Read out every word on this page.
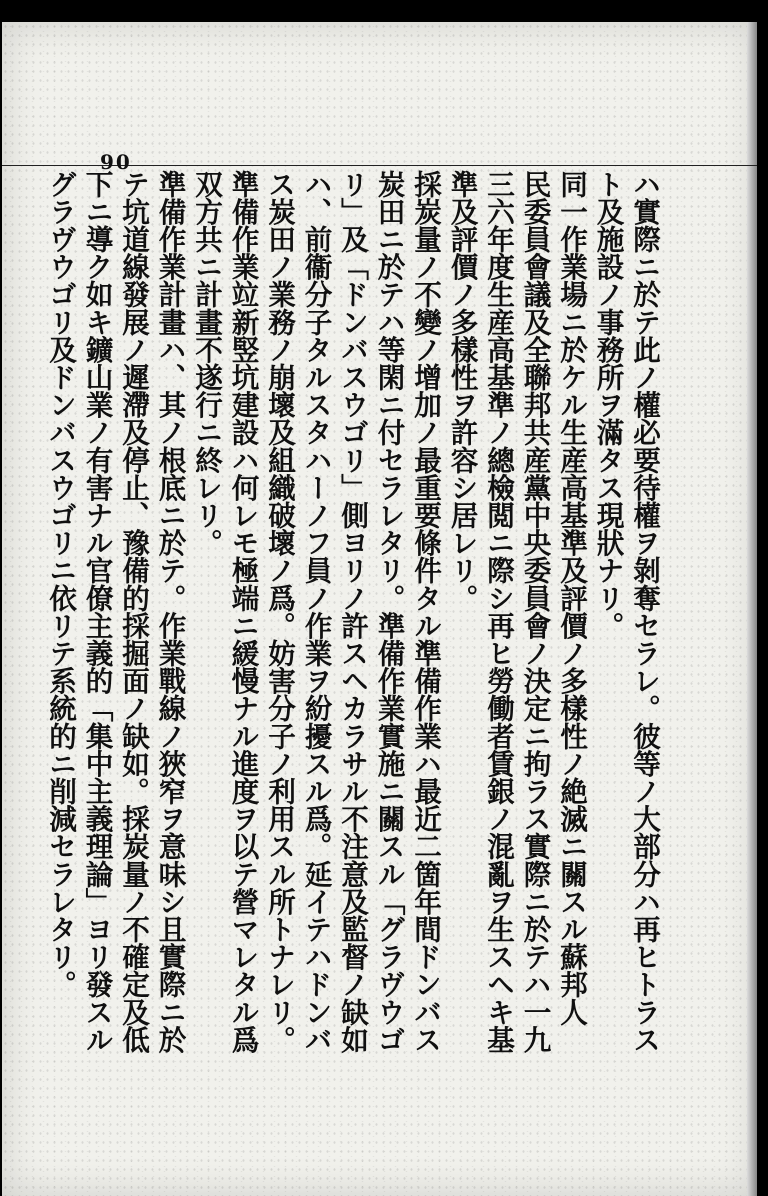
90
ハ實際ニ於テ此ノ權必要待權ヲ剝奪セラレ。彼等ノ大部分ハ再ヒトラス
ト及施設ノ事務所ヲ滿タス現狀ナリ。
同一作業場ニ於ケル生産高基準及評價ノ多樣性ノ絶滅ニ關スル蘇邦人
民委員會議及全聯邦共産黨中央委員會ノ決定ニ拘ラス實際ニ於テハ一九
三六年度生産高基準ノ總檢閲ニ際シ再ヒ勞働者賃銀ノ混亂ヲ生スヘキ基
準及評價ノ多樣性ヲ許容シ居レリ。
採炭量ノ不變ノ增加ノ最重要條件タル準備作業ハ最近二箇年間ドンバス
炭田ニ於テハ等閑ニ付セラレタリ。準備作業實施ニ關スル「グラヴウゴ
リ」及「ドンバスウゴリ」側ヨリノ許スヘカラサル不注意及監督ノ缺如
ハ、前衞分子タルスタハーノフ員ノ作業ヲ紛擾スル爲。延イテハドンバ
ス炭田ノ業務ノ崩壞及組織破壞ノ爲。妨害分子ノ利用スル所トナレリ。
準備作業竝新竪坑建設ハ何レモ極端ニ緩慢ナル進度ヲ以テ營マレタル爲
双方共ニ計畫不遂行ニ終レリ。
準備作業計畫ハ、其ノ根底ニ於テ。作業戰線ノ狹窄ヲ意味シ且實際ニ於
テ坑道線發展ノ遲滯及停止、豫備的採掘面ノ缺如。採炭量ノ不確定及低
下ニ導ク如キ鑛山業ノ有害ナル官僚主義的「集中主義理論」ヨリ發スル
グラヴウゴリ及ドンバスウゴリニ依リテ系統的ニ削減セラレタリ。
